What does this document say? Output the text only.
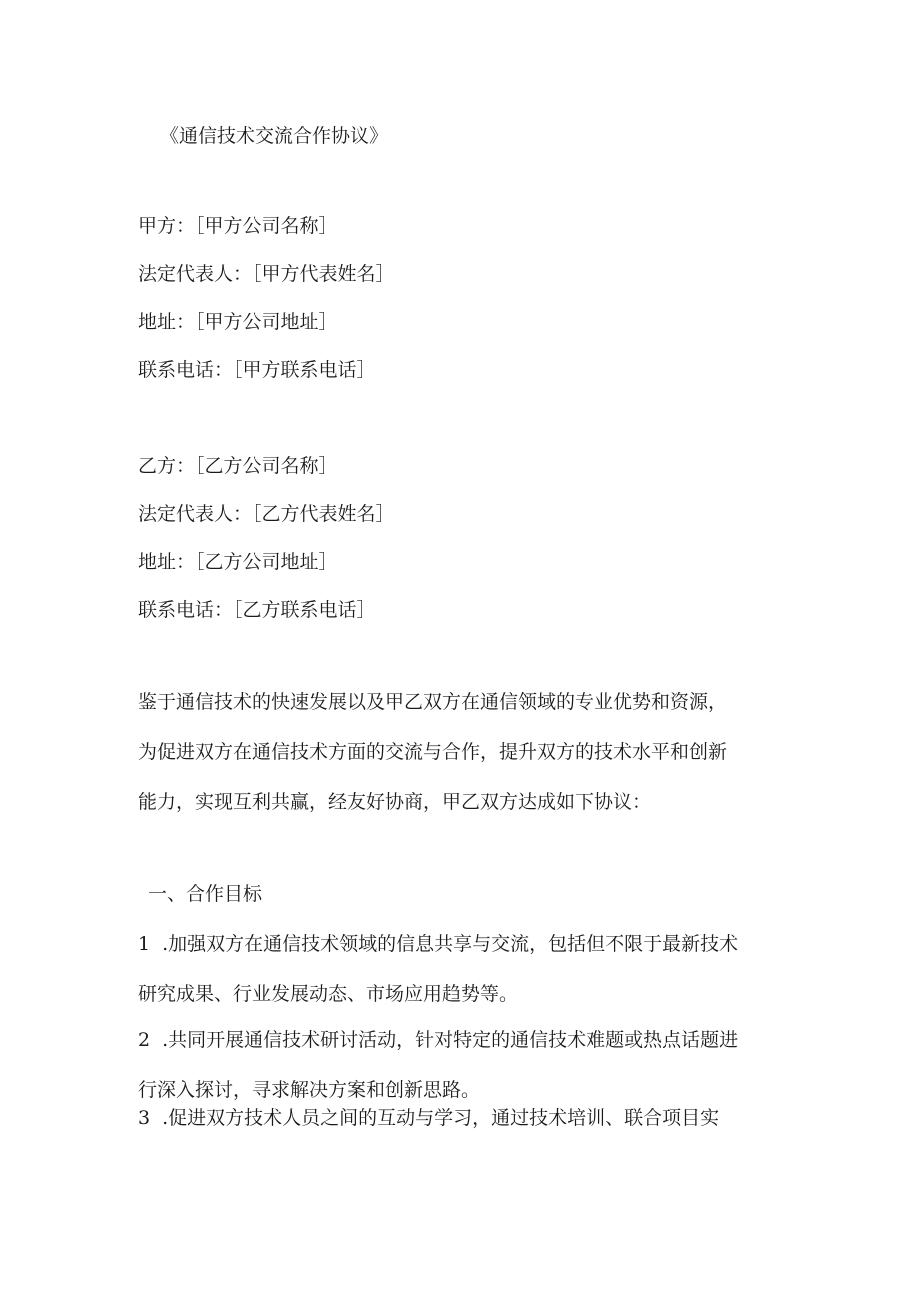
《通信技术交流合作协议》

甲方：［甲方公司名称］

法定代表人：［甲方代表姓名］

地址：［甲方公司地址］

联系电话：［甲方联系电话］

乙方：［乙方公司名称］

法定代表人：［乙方代表姓名］

地址：［乙方公司地址］

联系电话：［乙方联系电话］

鉴于通信技术的快速发展以及甲乙双方在通信领域的专业优势和资源，
为促进双方在通信技术方面的交流与合作，提升双方的技术水平和创新
能力，实现互利共赢，经友好协商，甲乙双方达成如下协议：
一、合作目标
1 .加强双方在通信技术领域的信息共享与交流，包括但不限于最新技术
研究成果、行业发展动态、市场应用趋势等。
2 .共同开展通信技术研讨活动，针对特定的通信技术难题或热点话题进
行深入探讨，寻求解决方案和创新思路。
3 .促进双方技术人员之间的互动与学习，通过技术培训、联合项目实
